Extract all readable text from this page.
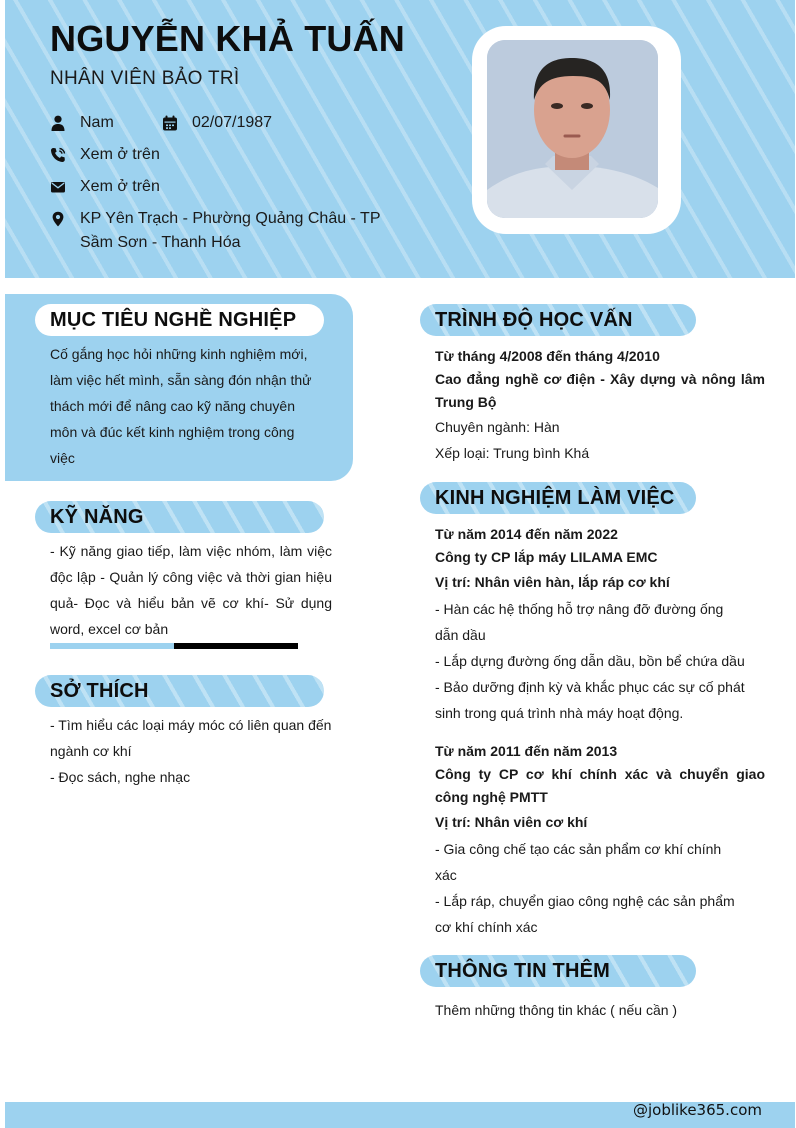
NGUYỄN KHẢ TUẤN
NHÂN VIÊN BẢO TRÌ
Nam	02/07/1987
Xem ở trên
Xem ở trên
KP Yên Trạch - Phường Quảng Châu - TP Sầm Sơn - Thanh Hóa
MỤC TIÊU NGHỀ NGHIỆP
Cố gắng học hỏi những kinh nghiệm mới, làm việc hết mình, sẵn sàng đón nhận thử thách mới để nâng cao kỹ năng chuyên môn và đúc kết kinh nghiệm trong công việc
KỸ NĂNG
- Kỹ năng giao tiếp, làm việc nhóm, làm việc độc lập - Quản lý công việc và thời gian hiệu quả- Đọc và hiểu bản vẽ cơ khí- Sử dụng word, excel cơ bản
SỞ THÍCH
- Tìm hiểu các loại máy móc có liên quan đến ngành cơ khí
- Đọc sách, nghe nhạc
TRÌNH ĐỘ HỌC VẤN
Từ tháng 4/2008 đến tháng 4/2010
Cao đẳng nghề cơ điện - Xây dựng và nông lâm Trung Bộ
Chuyên ngành: Hàn
Xếp loại: Trung bình Khá
KINH NGHIỆM LÀM VIỆC
Từ năm 2014 đến năm 2022
Công ty CP lắp máy LILAMA EMC
Vị trí: Nhân viên hàn, lắp ráp cơ khí
- Hàn các hệ thống hỗ trợ nâng đỡ đường ống dẫn dầu
- Lắp dựng đường ống dẫn dầu, bồn bể chứa dầu
- Bảo dưỡng định kỳ và khắc phục các sự cố phát sinh trong quá trình nhà máy hoạt động.
Từ năm 2011 đến năm 2013
Công ty CP cơ khí chính xác và chuyển giao công nghệ PMTT
Vị trí: Nhân viên cơ khí
- Gia công chế tạo các sản phẩm cơ khí chính xác
- Lắp ráp, chuyển giao công nghệ các sản phẩm cơ khí chính xác
THÔNG TIN THÊM
Thêm những thông tin khác ( nếu cần )
@joblike365.com
